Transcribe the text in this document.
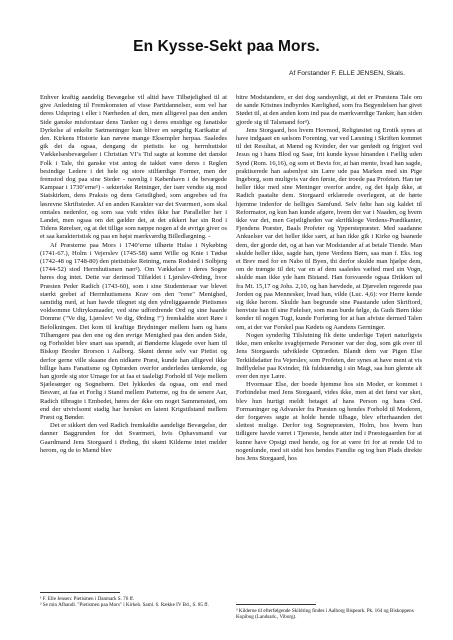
En Kysse-Sekt paa Mors.

Af Forstander F. ELLE JENSEN, Skals.

Enhver kraftig aandelig Bevægelse vil altid have Tilbøjelighed til at give Anledning til Fremkomsten af visse Partidannelser, som vel har deres Udspring i eller i Nærheden af den, men alligevel paa den anden Side ganske misforstaar dens Tanker og i deres ensidige og fanatiske Dyrkelse af enkelte Sætmeninger kun bliver en sørgelig Karikatur af den. Kirkens Historie kan nævne mange Eksempler herpaa. Saaledes gik det da ogsaa, dengang de pietistis ke og herrnhutiske Vækkelsesbevægelser i Christian VI’s Tid sagte at komme det danske Folk i Tale, thi ganske vist antog de takket være deres i Reglen besindige Ledere i det hele og store stilfærdige Former, men der fremstod dog paa sine Steder - navnlig i København i de bevægede Kampaar i 1730’erne¹) - sekteriske Retninger, der især vendte sig mod Statskirken, dens Praksis og dens Geistlighed, som angrebes ud fra løsrevne Skriftsteder. Af en anden Karakter var det Sværmeri, som skal omtales nedenfor, og som saa vidt vides ikke har Paralleller her i Landet, men ogsaa om det gælder det, at det sikkert har sin Rod i Tidens Rørelser, og at det tillige som næppe nogen af de øvrige giver os et saa karakteristisk og paa en højst mærkværdig Billedlægning. -

Af Præsterne paa Mors i 1740’erne tilhørte Hulse i Nykøbing (1741-67.), Holm i Vejerslev (1745-58) samt Wille og Knie i Tødsø (1742-48 og 1748-80) den pietistiske Retning, mens Rodsted i Solbjerg (1744-52) stod Herrnhutismen nær²). Om Vækkelser i deres Sogne høres dog intet. Dette var derimod Tilfældet i Ljørslev-Ørding, hvor Præsten Peder Radich (1743-60), som i sine Studenteraar var blevet stærkt grebet af Herrnhutismens Krav om den "rene" Menighed, samtidig med, at han havde tilegnet sig den ydreliggaaende Pietismes voldsomme Udtryksmaader, ved sine udfordrende Ord og sine haarde Domme ("Ve dig, Ljørslev! Ve dig, Ørding !") fremkaldte stort Røre i Befolkningen. Det kom til kraftige Brydninger mellem ham og hans Tilhængere paa den ene og den øvrige Menighed paa den anden Side, og Forholdet blev snart saa spændt, at Bønderne klagede over ham til Biskop Broder Brorson i Aalborg. Skønt denne selv var Pietist og derfor gerne ville skaane den nidkære Præst, kunde han alligevel ikke billige hans Fanatisme og Optræden overfor anderledes tænkende, og han gjorde sig stor Umage for at faa et taaleligt Forhold til Veje mellem Sjælesørger og Sognebørn. Det lykkedes da ogsaa, om end med Besvær, at faa et Forlig i Stand mellem Parterne, og fra de senere Aar, Radich tilbragte i Embedet, høres der ikke om noget Sammenstød, om end der utvivlsomt stadig har hersket en latent Krigstilstand mellem Præst og Bønder.

Det er sikkert den ved Radich fremkaldte aandelige Bevægelse, der danner Baggrunden for det Sværmeri, hvis Ophavsmand var Gaardmand Jens Storgaard i Ørding, thi skønt Kilderne intet melder herom, og de to Mænd blev

bitre Modstandere, er det dog sandsynligt, at det er Præstens Tale om de sande Kristnes indbyrdes Kærlighed, som fra Begyndelsen har givet Stødet til, at den anden kom ind paa de mærkværdige Tanker, han siden gjorde sig til Talsmand for³).

Jens Storgaard, hos hvem Hovmod, Religiøsitet og Erotik synes at have indgaaet en sælsom Forening, var ved Læsning i Skriften kommet til det Resultat, at Mænd og Kvinder, der var genfødt og frigjort ved Jesus og i hans Blod og Saar, frit kunde kysse hinanden i Fællig uden Synd (Rom. 16,16), og som et Bevis for, at han mente, hvad han sagde, praktiserede han aabenlyst sin Lære ude paa Marken med sin Pige Ingeborg, som muligvis var den første, der troede paa Profeten. Han tør heller ikke med sine Meninger overfor andre, og det hjalp ikke, at Radich paatalte dem. Storgaard erklærede overlegent, at de hørte hjemme indenfor de helliges Samfund. Selv følte han sig kaldet til Reformator, og kun han kunde afgøre, hvem der var i Naaden, og hvem ikke var det, men Gejstligheden var skriftkloge Verdens-Prædikanter, Fjendens Præster, Baals Profeter og Ypperstepræster. Med saadanne Ankuelser var det heller ikke sært, at han ikke gik i Kirke og baanede dem, der gjorde det, og at han var Modstander af at betale Tiende. Man skulde heller ikke, sagde han, tjene Verdens Børn, saa man f. Eks. tog et Brev med for en Nabo til Byen, thi derfor skulde man hjælpe dem, om de trængte til det; var en af dem saaledes vælted med sin Vogn, skulde man ikke yde ham Bistand. Han forsvarede ogsaa Drikken ud fra Mt. 15,17 og Johs. 2,10, og han hævdede, at Djævelen regerede paa Jorden og paa Mennesker, hvad han, vilde (Luc. 4,6): vor Herre kende sig ikke herom. Skulde han begrunde sine Paastande uden Skriftord, henviste han til sine Følelser, som man burde følge, da Guds Børn ikke kender til nogen Tugt, kunde Forføring for at han afviste dermed Talen om, at der var Forskel paa Kødets og Aandens Gerninger.

Nogen synderlig Tilslutning fik dette underlige Tøjeri naturligvis ikke, men enkelte svagbjernede Personer var der dog, som gik over til Jens Storgaards udviklede Optræden. Blandt dem var Pigen Else Terkildsdatter fra Vejerslev, som Profeten, der synes at have ment at vis Indflydelse paa Kvinder, fik fuldstændig i sin Magt, saa hun glemte alt over den nye Lære.

Hvormaar Else, der boede hjemme hos sin Moder, er kommet i Forbindelse med Jens Storgaard, vides ikke, men at det først var sket, blev hun hurtigt meldt betaget af hans Person og hans Ord. Formaninger og Advarsler fra Præsten og hendes Forhold til Moderen, der forgæves søgte at holde hende tilbage, blev efterhaanden det slettest mulige. Derfor tog Sognepræsten, Holm, hos hvem hun tidligere havde været i Tjeneste, hende atter ind i Præstegaarden for at kunne have Opsigt med hende, og for at være fri for at rende Ud to nogenlunde, med sit sidst hos hendes Familie og tog hun Plads direkte hos Jens Storgaard, hos

¹ F. Elle Jensen: Pietismen i Danmark S. 76 ff.
² Se min Afhandl. "Pietismen paa Mors" i Kirkeh. Saml. 6. Række IV Bd., S. 85 ff.
³ Kilderne til efterfølgende Skildring findes i Aalborg Bispeark. Pk. 164 og Biskoppens Kopibog (Landsark., Viborg).
